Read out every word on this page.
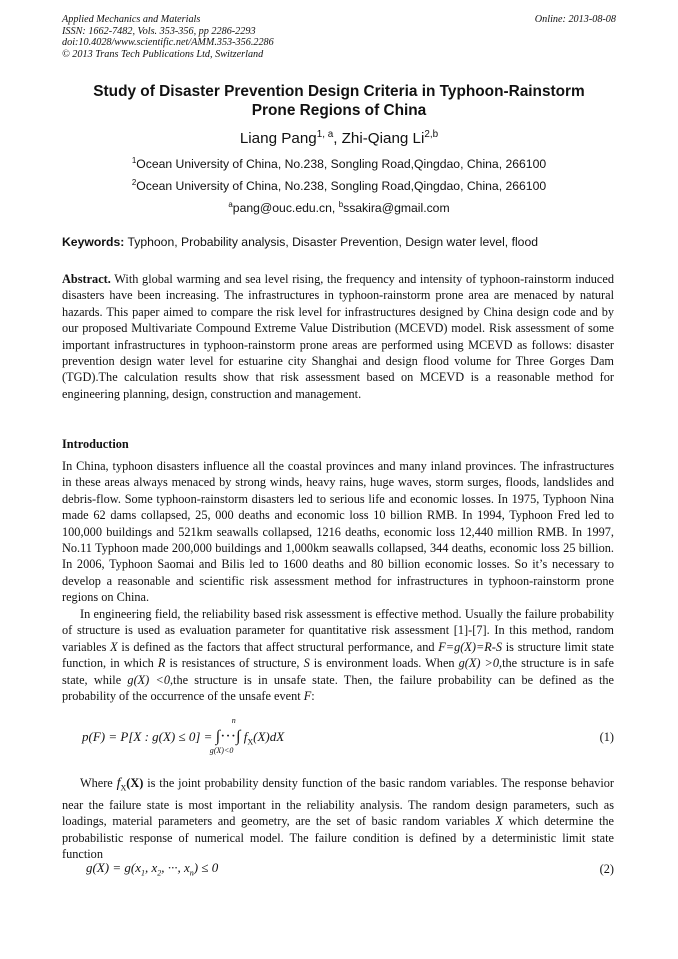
Applied Mechanics and Materials
ISSN: 1662-7482, Vols. 353-356, pp 2286-2293
doi:10.4028/www.scientific.net/AMM.353-356.2286
© 2013 Trans Tech Publications Ltd, Switzerland
Online: 2013-08-08
Study of Disaster Prevention Design Criteria in Typhoon-Rainstorm
Prone Regions of China
Liang Pang$^{1, a}$, Zhi-Qiang Li$^{2,b}$
$^1$Ocean University of China, No.238, Songling Road,Qingdao, China, 266100
$^2$Ocean University of China, No.238, Songling Road,Qingdao, China, 266100
$^a$pang@ouc.edu.cn, $^b$ssakira@gmail.com
Keywords: Typhoon, Probability analysis, Disaster Prevention, Design water level, flood
Abstract. With global warming and sea level rising, the frequency and intensity of typhoon-rainstorm induced disasters have been increasing. The infrastructures in typhoon-rainstorm prone area are menaced by natural hazards. This paper aimed to compare the risk level for infrastructures designed by China design code and by our proposed Multivariate Compound Extreme Value Distribution (MCEVD) model. Risk assessment of some important infrastructures in typhoon-rainstorm prone areas are performed using MCEVD as follows: disaster prevention design water level for estuarine city Shanghai and design flood volume for Three Gorges Dam (TGD).The calculation results show that risk assessment based on MCEVD is a reasonable method for engineering planning, design, construction and management.
Introduction
In China, typhoon disasters influence all the coastal provinces and many inland provinces. The infrastructures in these areas always menaced by strong winds, heavy rains, huge waves, storm surges, floods, landslides and debris-flow. Some typhoon-rainstorm disasters led to serious life and economic losses. In 1975, Typhoon Nina made 62 dams collapsed, 25, 000 deaths and economic loss 10 billion RMB. In 1994, Typhoon Fred led to 100,000 buildings and 521km seawalls collapsed, 1216 deaths, economic loss 12,440 million RMB. In 1997, No.11 Typhoon made 200,000 buildings and 1,000km seawalls collapsed, 344 deaths, economic loss 25 billion. In 2006, Typhoon Saomai and Bilis led to 1600 deaths and 80 billion economic losses. So it’s necessary to develop a reasonable and scientific risk assessment method for infrastructures in typhoon-rainstorm prone regions on China.
In engineering field, the reliability based risk assessment is effective method. Usually the failure probability of structure is used as evaluation parameter for quantitative risk assessment [1]-[7]. In this method, random variables X is defined as the factors that affect structural performance, and F=g(X)=R-S is structure limit state function, in which R is resistances of structure, S is environment loads. When g(X) >0,the structure is in safe state, while g(X) <0,the structure is in unsafe state. Then, the failure probability can be defined as the probability of the occurrence of the unsafe event F:
p(F) = P[X : g(X) ≤ 0] = ∫···∫
n
g(X)<0
$f_X(X)dX$	(1)
Where $f_X(X)$ is the joint probability density function of the basic random variables. The response behavior near the failure state is most important in the reliability analysis. The random design parameters, such as loadings, material parameters and geometry, are the set of basic random variables X which determine the probabilistic response of numerical model. The failure condition is defined by a deterministic limit state function
$g(X) = g(x_1$, $x_2$, ···, $x_n) \le 0$	(2)
